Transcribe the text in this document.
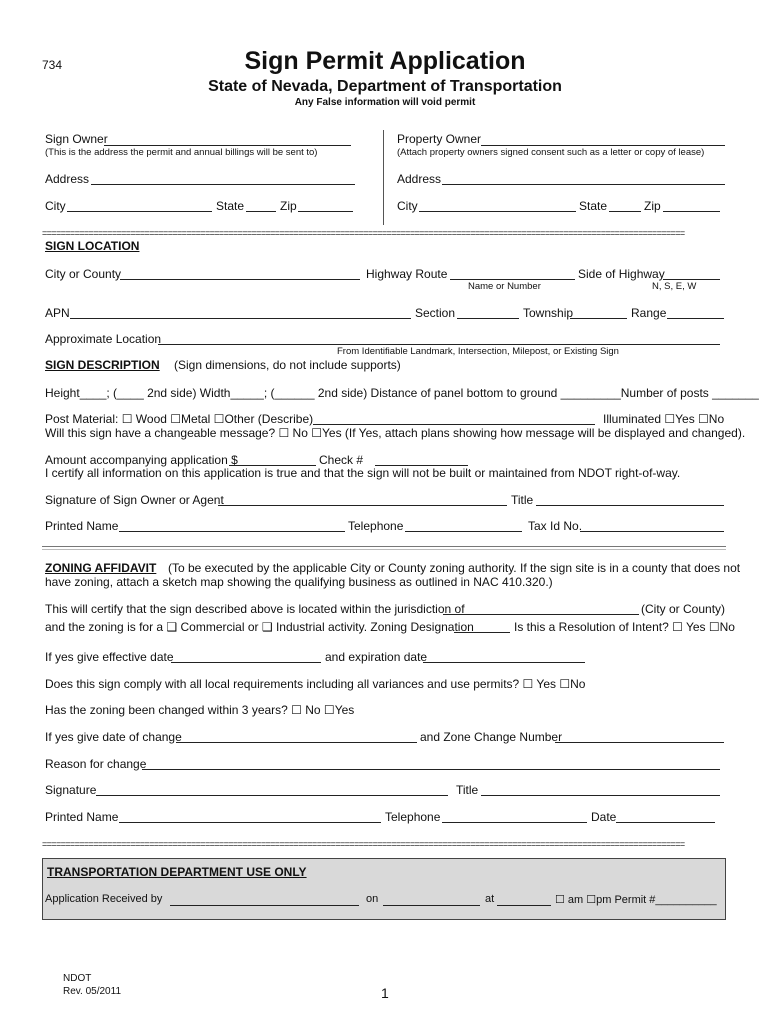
734	Sign Permit Application
State of Nevada, Department of Transportation
Any False information will void permit
Sign Owner
(This is the address the permit and annual billings will be sent to)
Property Owner
(Attach property owners signed consent such as a letter or copy of lease)
Address	Address
City	State	Zip	City	State	Zip
==========================================================================================================================================
SIGN LOCATION
City or County	Highway Route
Name or Number
Side of Highway
N, S, E, W
APN	Section	Township	Range
Approximate Location
From Identifiable Landmark, Intersection, Milepost, or Existing Sign
SIGN DESCRIPTION (Sign dimensions, do not include supports)
Height____; (____ 2nd side) Width_____; (______ 2nd side) Distance of panel bottom to ground _________Number of posts _______
Post Material: ☐ Wood ☐Metal ☐Other (Describe)	Illuminated ☐Yes ☐No
Will this sign have a changeable message? ☐ No ☐Yes (If Yes, attach plans showing how message will be displayed and changed).
Amount accompanying application $	Check #
I certify all information on this application is true and that the sign will not be built or maintained from NDOT right-of-way.
Signature of Sign Owner or Agent	Title
Printed Name	Telephone	Tax Id No.
ZONING AFFIDAVIT (To be executed by the applicable City or County zoning authority. If the sign site is in a county that does not
have zoning, attach a sketch map showing the qualifying business as outlined in NAC 410.320.)
This will certify that the sign described above is located within the jurisdiction of	(City or County)
and the zoning is for a ❑ Commercial or ❑ Industrial activity. Zoning Designation	Is this a Resolution of Intent? ☐ Yes ☐No
If yes give effective date	and expiration date
Does this sign comply with all local requirements including all variances and use permits? ☐ Yes ☐No
Has the zoning been changed within 3 years? ☐ No ☐Yes
If yes give date of change	and Zone Change Number
Reason for change
Signature	Title
Printed Name	Telephone	Date
==========================================================================================================================================
TRANSPORTATION DEPARTMENT USE ONLY
Application Received by	on	at	☐ am ☐pm Permit #__________
NDOT
Rev. 05/2011	1
